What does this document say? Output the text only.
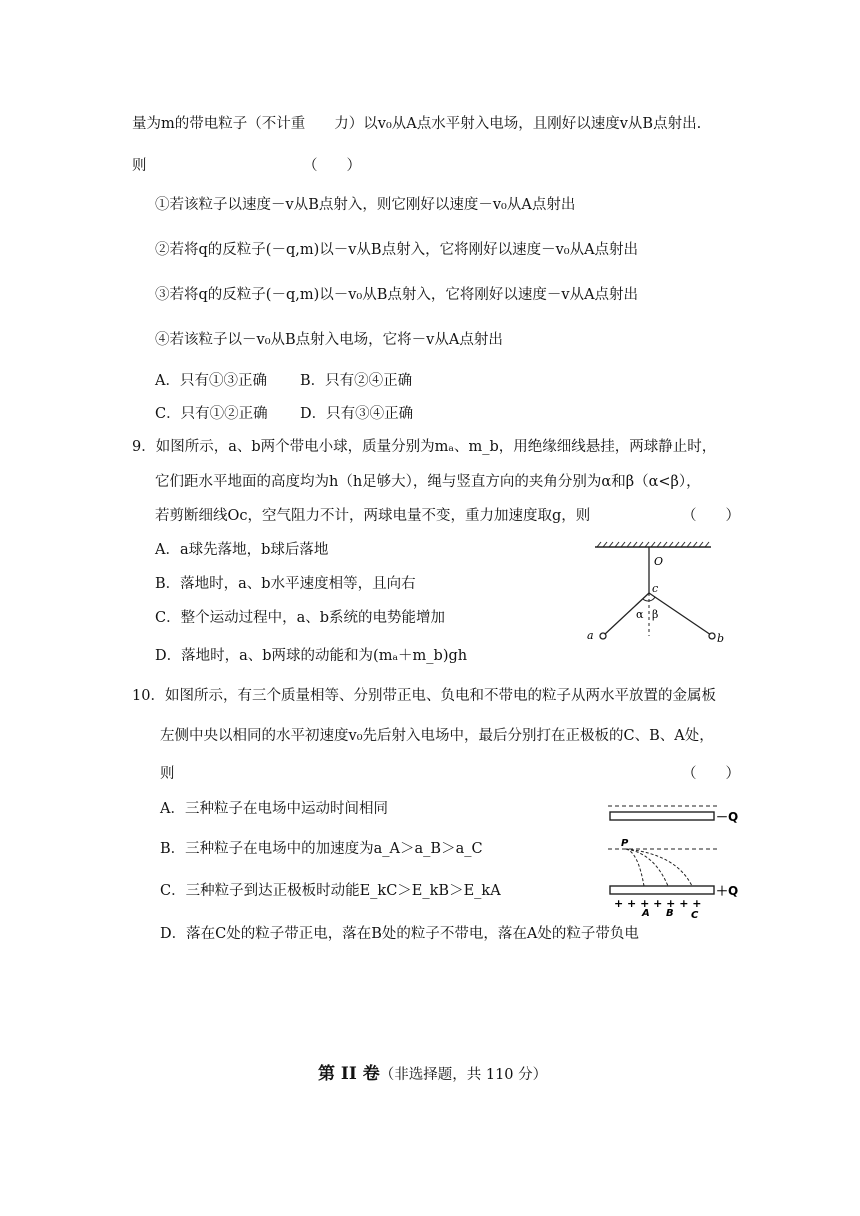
量为m的带电粒子（不计重　　力）以v₀从A点水平射入电场，且刚好以速度v从B点射出.
则	（　　）
①若该粒子以速度－v从B点射入，则它刚好以速度－v₀从A点射出
②若将q的反粒子(－q,m)以－v从B点射入，它将刚好以速度－v₀从A点射出
③若将q的反粒子(－q,m)以－v₀从B点射入，它将刚好以速度－v从A点射出
④若该粒子以－v₀从B点射入电场，它将－v从A点射出
A．只有①③正确 B．只有②④正确
C．只有①②正确 D．只有③④正确
9．如图所示，a、b两个带电小球，质量分别为mₐ、m_b，用绝缘细线悬挂，两球静止时，
它们距水平地面的高度均为h（h足够大），绳与竖直方向的夹角分别为α和β（α<β），
若剪断细线Oc，空气阻力不计，两球电量不变，重力加速度取g，则	（　　）
A．a球先落地，b球后落地
B．落地时，a、b水平速度相等，且向右
C．整个运动过程中，a、b系统的电势能增加
D．落地时，a、b两球的动能和为(mₐ＋m_b)gh
O
c
α β
a	b
10．如图所示，有三个质量相等、分别带正电、负电和不带电的粒子从两水平放置的金属板
左侧中央以相同的水平初速度v₀先后射入电场中，最后分别打在正极板的C、B、A处，
则	（　　）
A．三种粒子在电场中运动时间相同
B．三种粒子在电场中的加速度为a_A＞a_B＞a_C
C．三种粒子到达正极板时动能E_kC＞E_kB＞E_kA
D．落在C处的粒子带正电，落在B处的粒子不带电，落在A处的粒子带负电
－Q
P
＋Q
+ + + + + + +
A B C
第 II 卷（非选择题，共 110 分）
